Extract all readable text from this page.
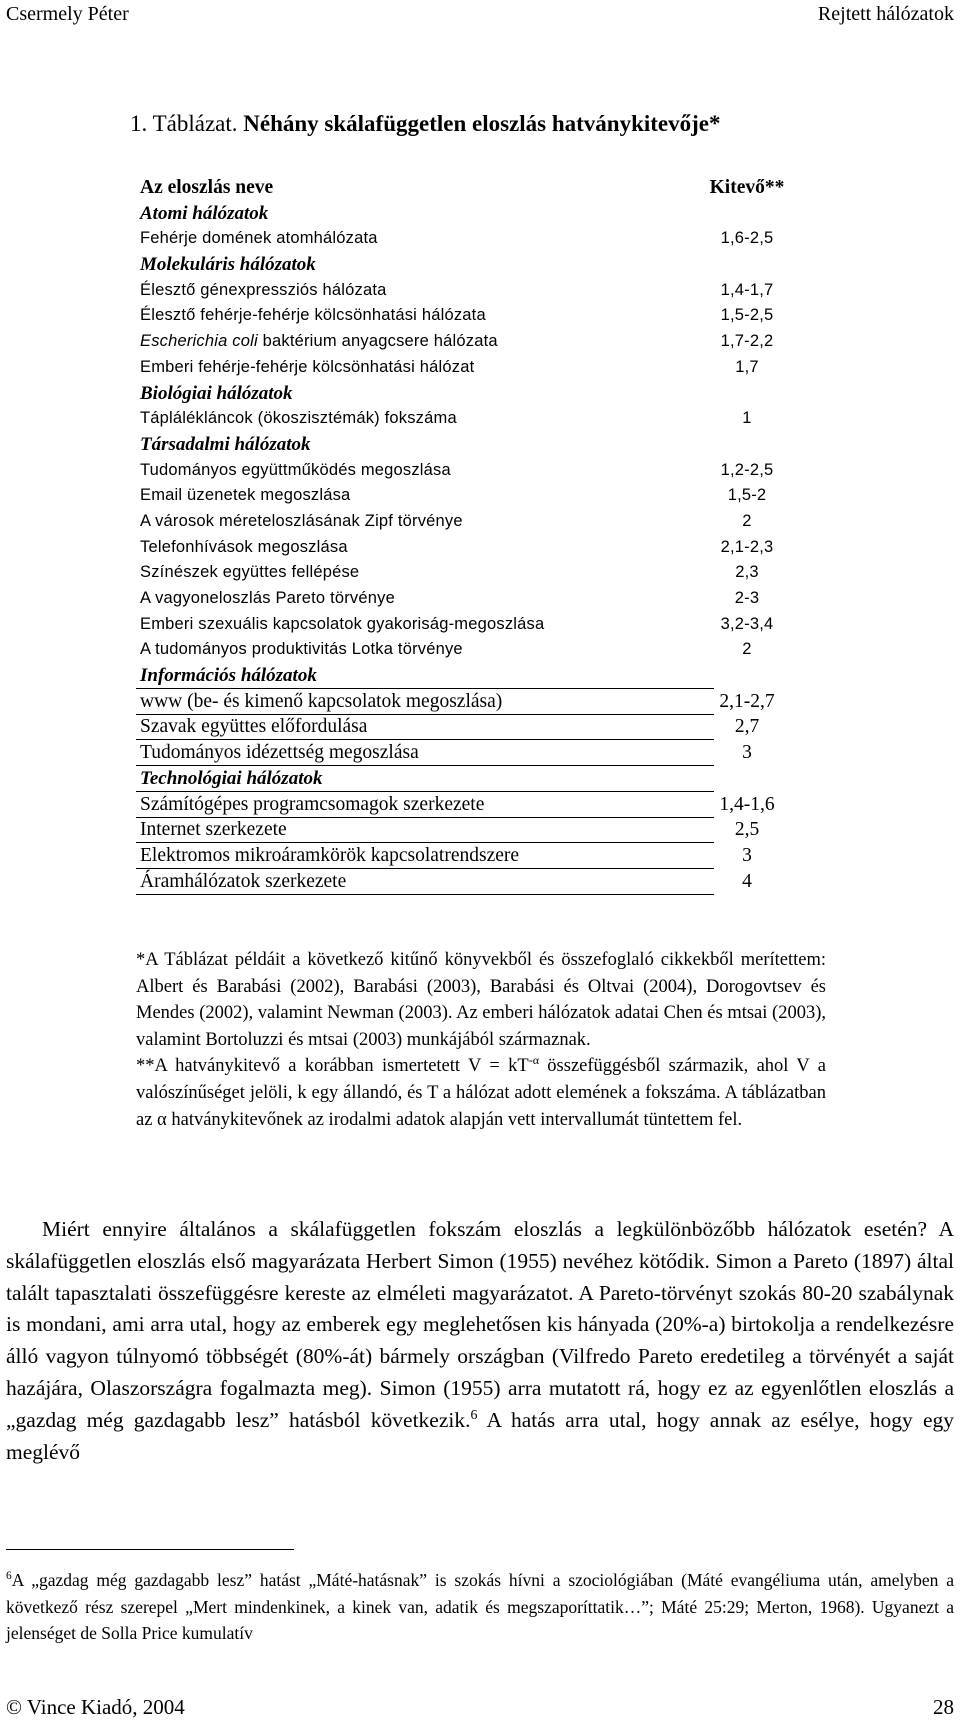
Csermely Péter	Rejtett hálózatok
1. Táblázat. Néhány skálafüggetlen eloszlás hatványkitevője*
Az eloszlás neve	Kitevő**
Atomi hálózatok
Fehérje domének atomhálózata	1,6-2,5
Molekuláris hálózatok
Élesztő génexpressziós hálózata	1,4-1,7
Élesztő fehérje-fehérje kölcsönhatási hálózata	1,5-2,5
Escherichia coli baktérium anyagcsere hálózata	1,7-2,2
Emberi fehérje-fehérje kölcsönhatási hálózat	1,7
Biológiai hálózatok
Táplálékláncok (ökoszisztémák) fokszáma	1
Társadalmi hálózatok
Tudományos együttműködés megoszlása	1,2-2,5
Email üzenetek megoszlása	1,5-2
A városok méreteloszlásának Zipf törvénye	2
Telefonhívások megoszlása	2,1-2,3
Színészek együttes fellépése	2,3
A vagyoneloszlás Pareto törvénye	2-3
Emberi szexuális kapcsolatok gyakoriság-megoszlása	3,2-3,4
A tudományos produktivitás Lotka törvénye	2
Információs hálózatok
www (be- és kimenő kapcsolatok megoszlása)	2,1-2,7
Szavak együttes előfordulása	2,7
Tudományos idézettség megoszlása	3
Technológiai hálózatok
Számítógépes programcsomagok szerkezete	1,4-1,6
Internet szerkezete	2,5
Elektromos mikroáramkörök kapcsolatrendszere	3
Áramhálózatok szerkezete	4

*A Táblázat példáit a következő kitűnő könyvekből és összefoglaló cikkekből merítettem: Albert és Barabási (2002), Barabási (2003), Barabási és Oltvai (2004), Dorogovtsev és Mendes (2002), valamint Newman (2003). Az emberi hálózatok adatai Chen és mtsai (2003), valamint Bortoluzzi és mtsai (2003) munkájából származnak.

**A hatványkitevő a korábban ismertetett $V = kT^{-\alpha}$ összefüggésből származik, ahol V a valószínűséget jelöli, k egy állandó, és T a hálózat adott elemének a fokszáma. A táblázatban az α hatványkitevőnek az irodalmi adatok alapján vett intervallumát tüntettem fel.

Miért ennyire általános a skálafüggetlen fokszám eloszlás a legkülönbözőbb hálózatok esetén? A skálafüggetlen eloszlás első magyarázata Herbert Simon (1955) nevéhez kötődik. Simon a Pareto (1897) által talált tapasztalati összefüggésre kereste az elméleti magyarázatot. A Pareto-törvényt szokás 80-20 szabálynak is mondani, ami arra utal, hogy az emberek egy meglehetősen kis hányada (20%-a) birtokolja a rendelkezésre álló vagyon túlnyomó többségét (80%-át) bármely országban (Vilfredo Pareto eredetileg a törvényét a saját hazájára, Olaszországra fogalmazta meg). Simon (1955) arra mutatott rá, hogy ez az egyenlőtlen eloszlás a „gazdag még gazdagabb lesz” hatásból következik.$^6$ A hatás arra utal, hogy annak az esélye, hogy egy meglévő

$^6$A „gazdag még gazdagabb lesz” hatást „Máté-hatásnak” is szokás hívni a szociológiában (Máté evangéliuma után, amelyben a következő rész szerepel „Mert mindenkinek, a kinek van, adatik és megszaporíttatik…”; Máté 25:29; Merton, 1968). Ugyanezt a jelenséget de Solla Price kumulatív

© Vince Kiadó, 2004	28
